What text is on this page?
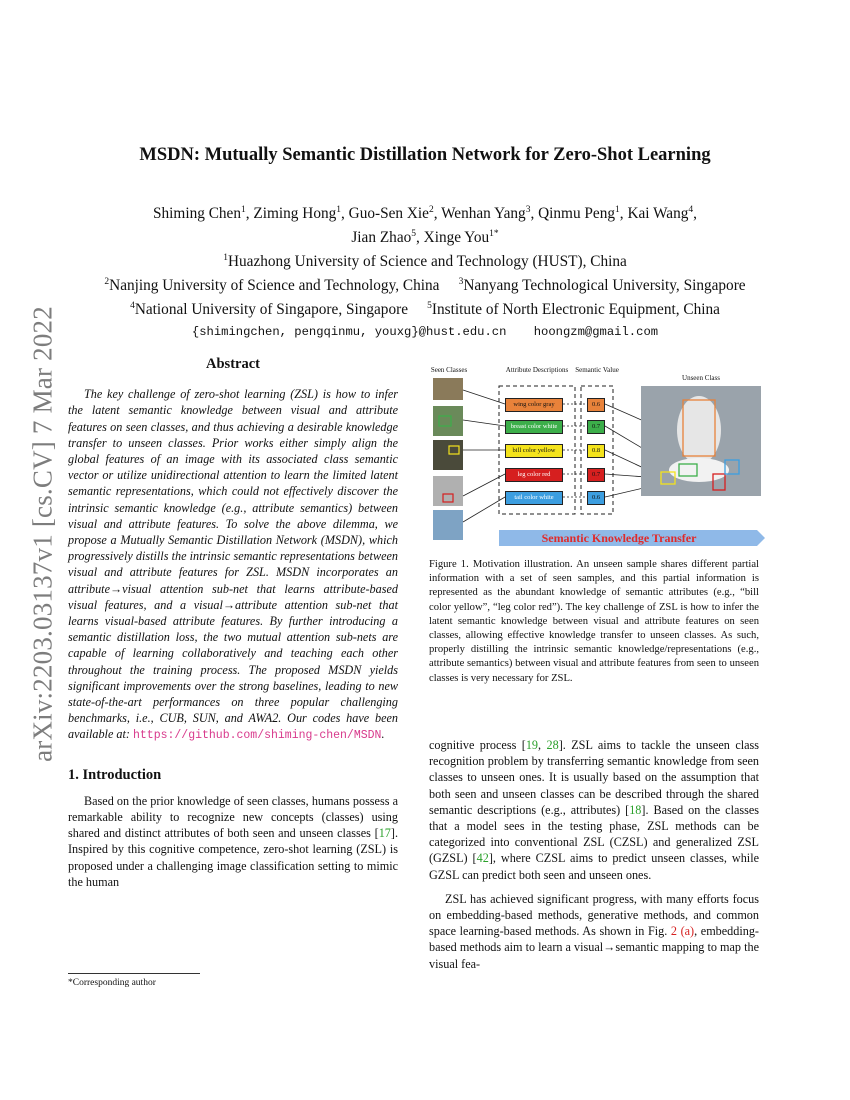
arXiv:2203.03137v1 [cs.CV] 7 Mar 2022
MSDN: Mutually Semantic Distillation Network for Zero-Shot Learning
Shiming Chen$^1$, Ziming Hong$^1$, Guo-Sen Xie$^2$, Wenhan Yang$^3$, Qinmu Peng$^1$, Kai Wang$^4$,
Jian Zhao$^5$, Xinge You$^{1*}$
$^1$Huazhong University of Science and Technology (HUST), China
$^2$Nanjing University of Science and Technology, China $^3$Nanyang Technological University, Singapore
$^4$National University of Singapore, Singapore $^5$Institute of North Electronic Equipment, China
{shimingchen, pengqinmu, youxg}@hust.edu.cn hoongzm@gmail.com
Abstract

The key challenge of zero-shot learning (ZSL) is how to infer the latent semantic knowledge between visual and attribute features on seen classes, and thus achieving a desirable knowledge transfer to unseen classes. Prior works either simply align the global features of an image with its associated class semantic vector or utilize unidirectional attention to learn the limited latent semantic representations, which could not effectively discover the intrinsic semantic knowledge (e.g., attribute semantics) between visual and attribute features. To solve the above dilemma, we propose a Mutually Semantic Distillation Network (MSDN), which progressively distills the intrinsic semantic representations between visual and attribute features for ZSL. MSDN incorporates an attribute→visual attention sub-net that learns attribute-based visual features, and a visual→attribute attention sub-net that learns visual-based attribute features. By further introducing a semantic distillation loss, the two mutual attention sub-nets are capable of learning collaboratively and teaching each other throughout the training process. The proposed MSDN yields significant improvements over the strong baselines, leading to new state-of-the-art performances on three popular challenging benchmarks, i.e., CUB, SUN, and AWA2. Our codes have been available at: https://github.com/shiming-chen/MSDN.

1. Introduction

Based on the prior knowledge of seen classes, humans possess a remarkable ability to recognize new concepts (classes) using shared and distinct attributes of both seen and unseen classes [17]. Inspired by this cognitive competence, zero-shot learning (ZSL) is proposed under a challenging image classification setting to mimic the human

*Corresponding author
Seen Classes	Attribute Descriptions Semantic Value
Unseen Class
wing color gray
breast color white
bill color yellow
leg color red
tail color white
0.6
0.7
0.8
0.7
0.6
Semantic Knowledge Transfer
Figure 1. Motivation illustration. An unseen sample shares different partial information with a set of seen samples, and this partial information is represented as the abundant knowledge of semantic attributes (e.g., “bill color yellow”, “leg color red”). The key challenge of ZSL is how to infer the latent semantic knowledge between visual and attribute features on seen classes, allowing effective knowledge transfer to unseen classes. As such, properly distilling the intrinsic semantic knowledge/representations (e.g., attribute semantics) between visual and attribute features from seen to unseen classes is very necessary for ZSL.

cognitive process [19, 28]. ZSL aims to tackle the unseen class recognition problem by transferring semantic knowledge from seen classes to unseen ones. It is usually based on the assumption that both seen and unseen classes can be described through the shared semantic descriptions (e.g., attributes) [18]. Based on the classes that a model sees in the testing phase, ZSL methods can be categorized into conventional ZSL (CZSL) and generalized ZSL (GZSL) [42], where CZSL aims to predict unseen classes, while GZSL can predict both seen and unseen ones.

ZSL has achieved significant progress, with many efforts focus on embedding-based methods, generative methods, and common space learning-based methods. As shown in Fig. 2 (a), embedding-based methods aim to learn a visual→semantic mapping to map the visual fea-
